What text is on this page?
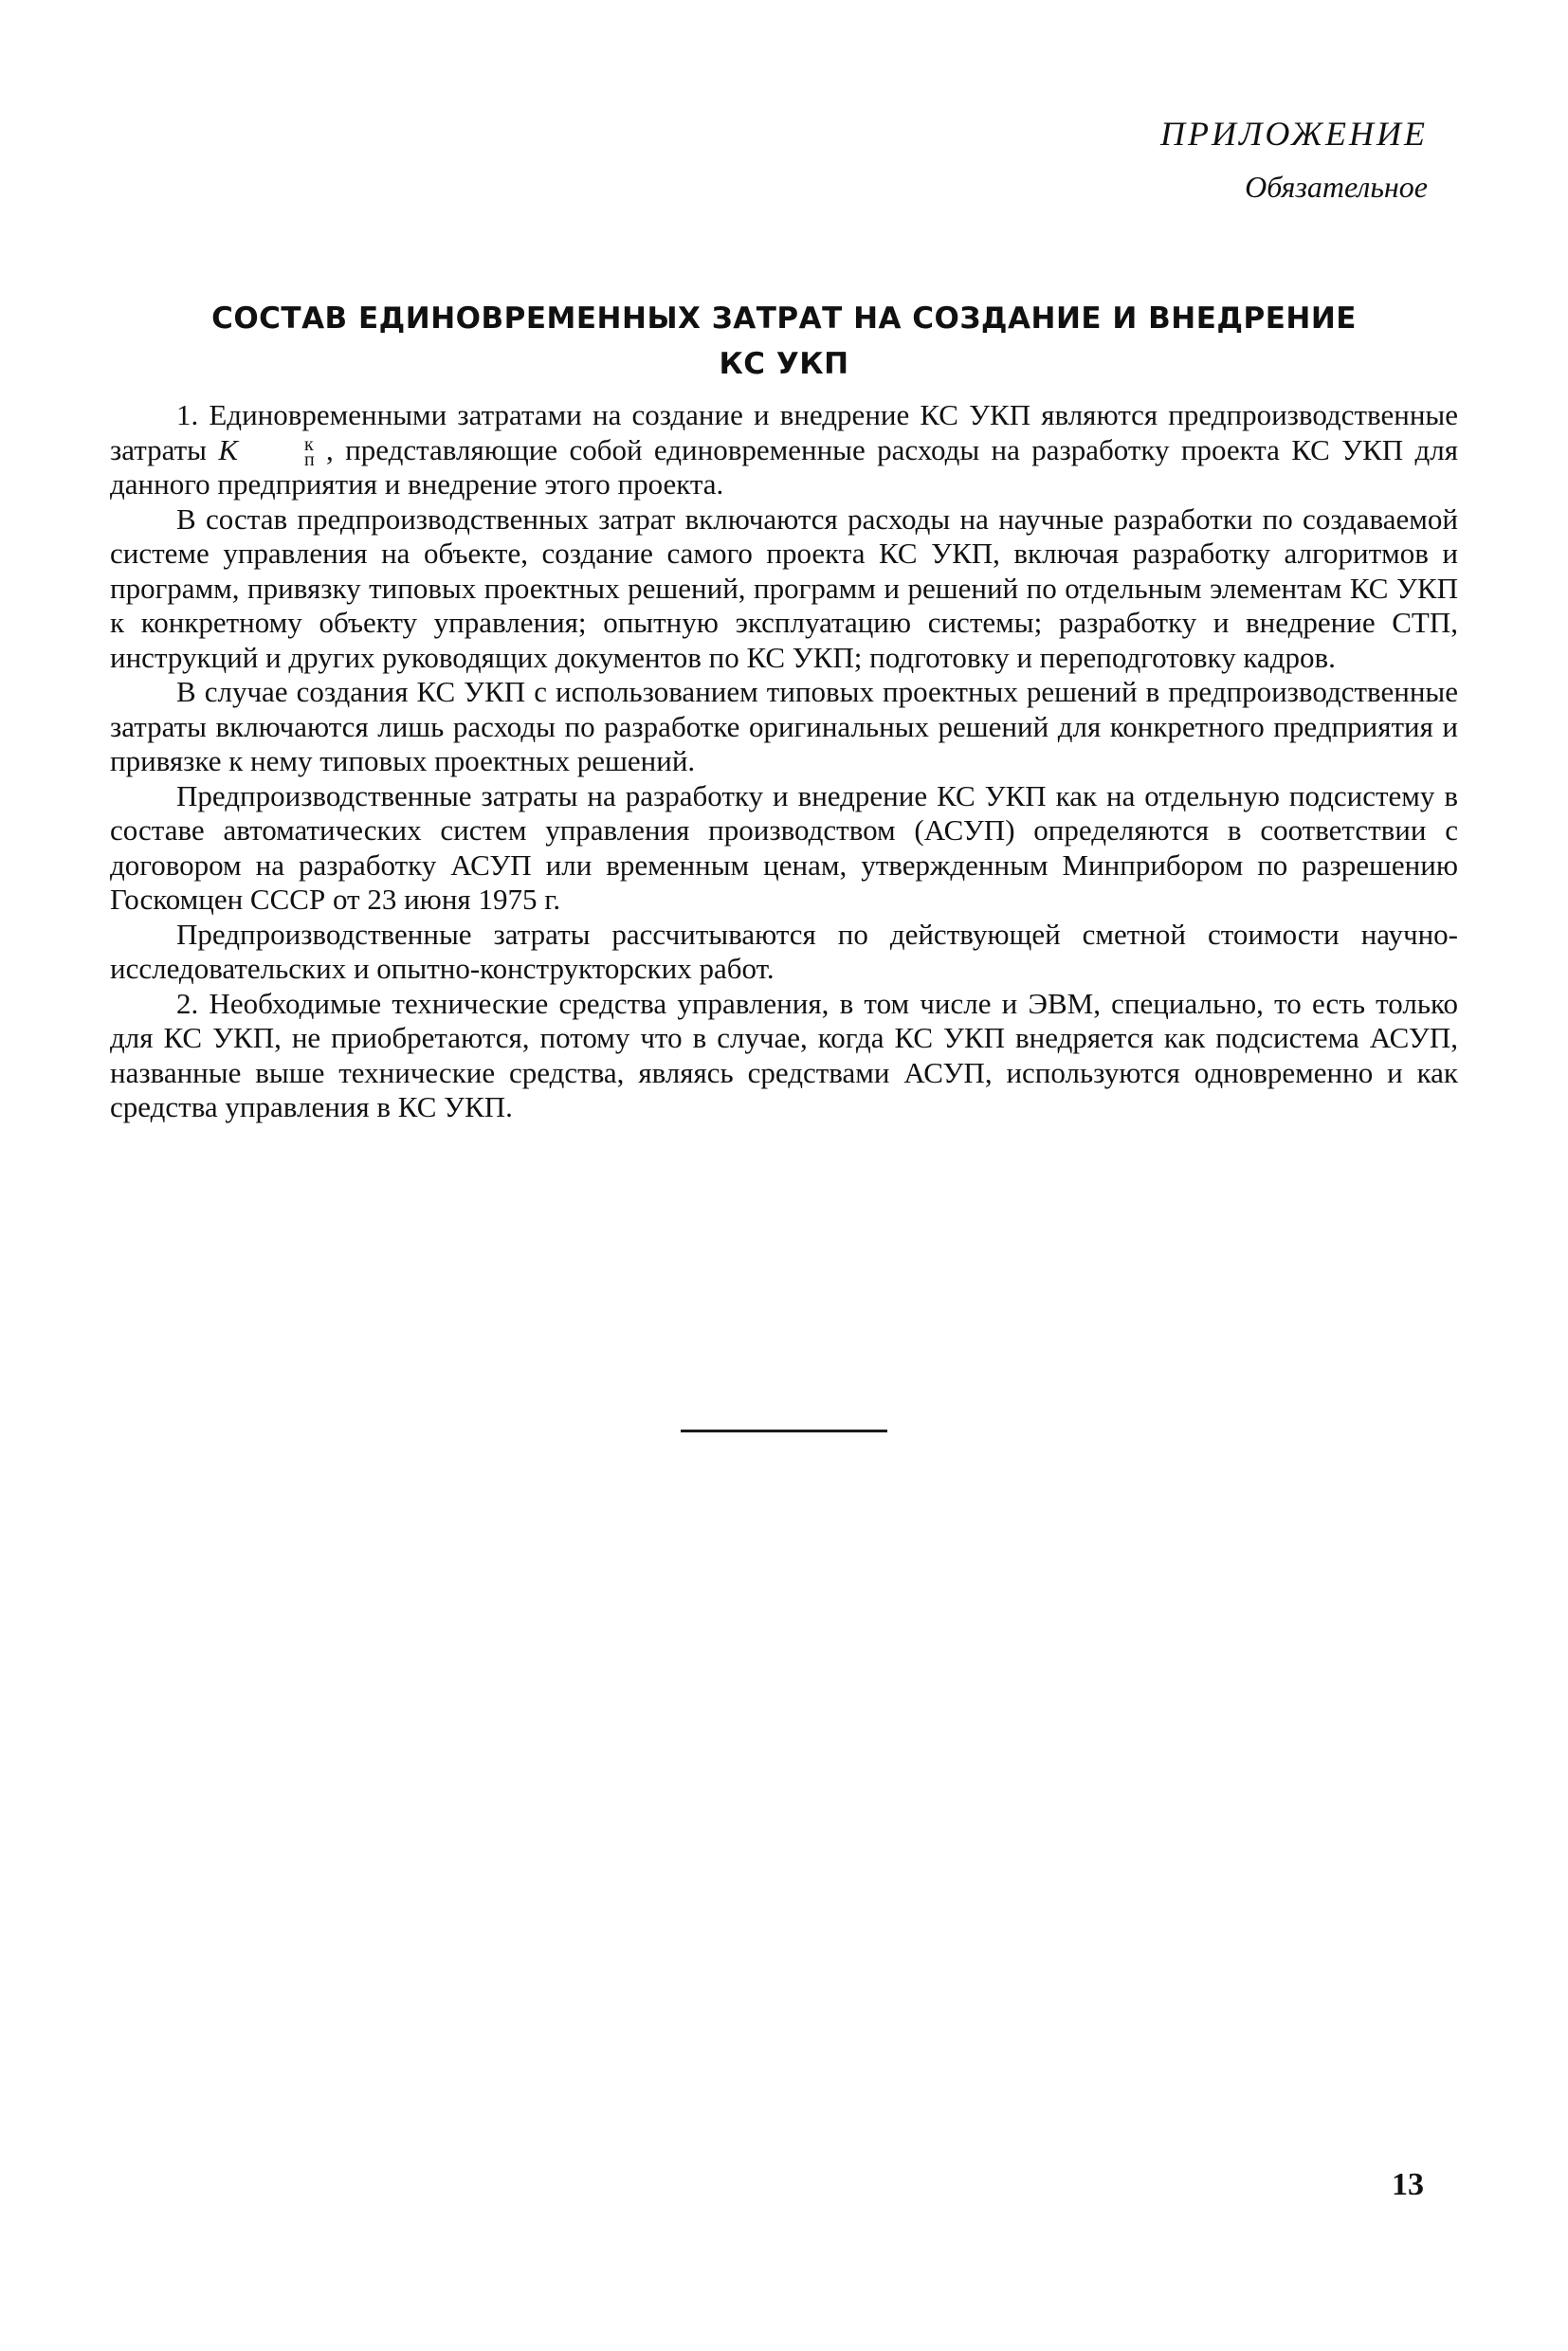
ПРИЛОЖЕНИЕ
Обязательное
СОСТАВ ЕДИНОВРЕМЕННЫХ ЗАТРАТ НА СОЗДАНИЕ И ВНЕДРЕНИЕ
КС УКП

1. Единовременными затратами на создание и внедрение КС УКП являются предпроизводственные затраты K	к
п , представляющие собой единовременные расходы на разработку проекта КС УКП для данного предприятия и внедрение этого проекта.

В состав предпроизводственных затрат включаются расходы на научные разработки по создаваемой системе управления на объекте, создание самого проекта КС УКП, включая разработку алгоритмов и программ, привязку типовых проектных решений, программ и решений по отдельным элементам КС УКП к конкретному объекту управления; опытную эксплуатацию системы; разработку и внедрение СТП, инструкций и других руководящих документов по КС УКП; подготовку и переподготовку кадров.

В случае создания КС УКП с использованием типовых проектных решений в предпроизводственные затраты включаются лишь расходы по разработке оригинальных решений для конкретного предприятия и привязке к нему типовых проектных решений.

Предпроизводственные затраты на разработку и внедрение КС УКП как на отдельную подсистему в составе автоматических систем управления производством (АСУП) определяются в соответствии с договором на разработку АСУП или временным ценам, утвержденным Минприбором по разрешению Госкомцен СССР от 23 июня 1975 г.

Предпроизводственные затраты рассчитываются по действующей сметной стоимости научно-исследовательских и опытно-конструкторских работ.

2. Необходимые технические средства управления, в том числе и ЭВМ, специально, то есть только для КС УКП, не приобретаются, потому что в случае, когда КС УКП внедряется как подсистема АСУП, названные выше технические средства, являясь средствами АСУП, используются одновременно и как средства управления в КС УКП.

13
